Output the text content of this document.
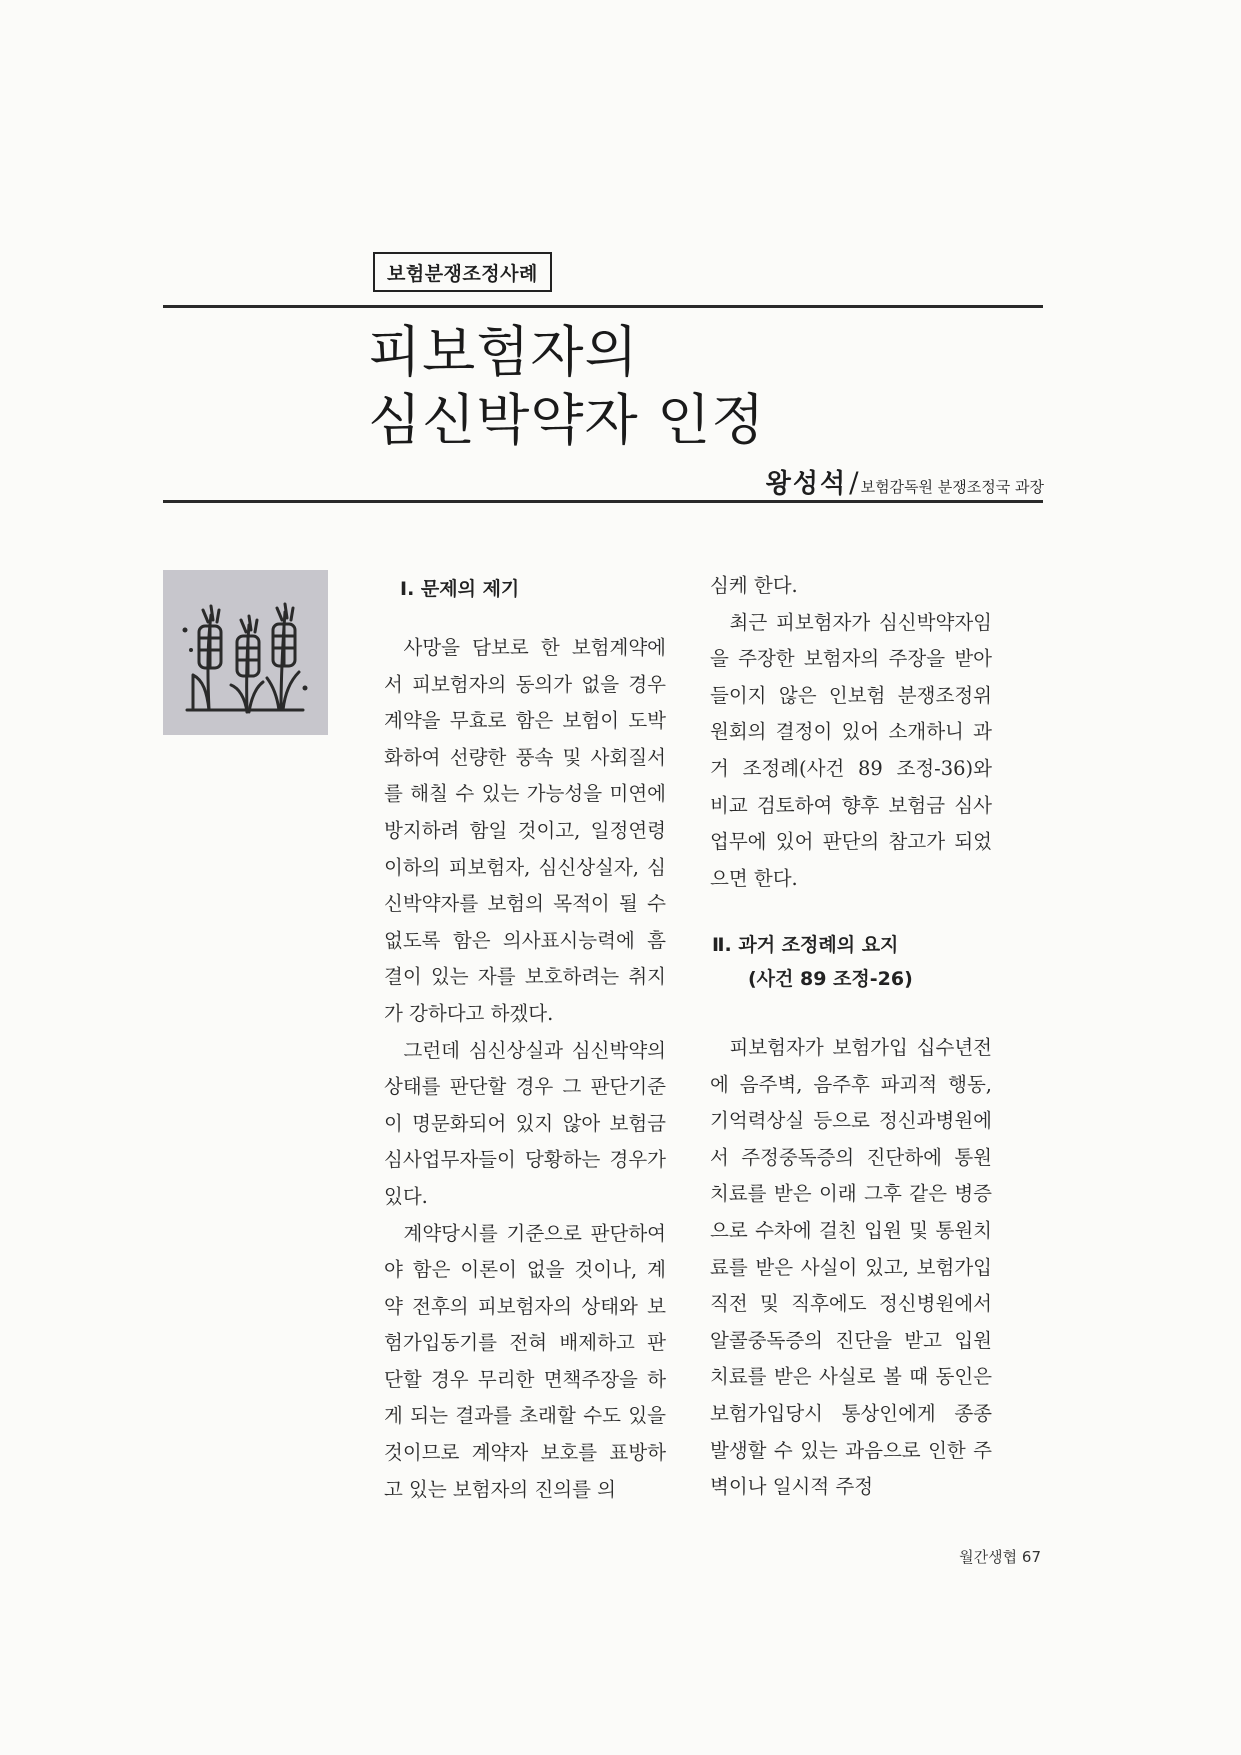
보험분쟁조정사례
피보험자의
심신박약자 인정
왕성석/ 보험감독원 분쟁조정국 과장
Ⅰ. 문제의 제기

사망을 담보로 한 보험계약에서 피보험자의 동의가 없을 경우 계약을 무효로 함은 보험이 도박화하여 선량한 풍속 및 사회질서를 해칠 수 있는 가능성을 미연에 방지하려 함일 것이고, 일정연령 이하의 피보험자, 심신상실자, 심신박약자를 보험의 목적이 될 수 없도록 함은 의사표시능력에 흠결이 있는 자를 보호하려는 취지가 강하다고 하겠다.

그런데 심신상실과 심신박약의 상태를 판단할 경우 그 판단기준이 명문화되어 있지 않아 보험금 심사업무자들이 당황하는 경우가 있다.

계약당시를 기준으로 판단하여야 함은 이론이 없을 것이나, 계약 전후의 피보험자의 상태와 보험가입동기를 전혀 배제하고 판단할 경우 무리한 면책주장을 하게 되는 결과를 초래할 수도 있을 것이므로 계약자 보호를 표방하고 있는 보험자의 진의를 의

심케 한다.

최근 피보험자가 심신박약자임을 주장한 보험자의 주장을 받아들이지 않은 인보험 분쟁조정위원회의 결정이 있어 소개하니 과거 조정례(사건 89 조정-36)와 비교 검토하여 향후 보험금 심사업무에 있어 판단의 참고가 되었으면 한다.

Ⅱ. 과거 조정례의 요지
(사건 89 조정-26)

피보험자가 보험가입 십수년전에 음주벽, 음주후 파괴적 행동, 기억력상실 등으로 정신과병원에서 주정중독증의 진단하에 통원치료를 받은 이래 그후 같은 병증으로 수차에 걸친 입원 및 통원치료를 받은 사실이 있고, 보험가입 직전 및 직후에도 정신병원에서 알콜중독증의 진단을 받고 입원치료를 받은 사실로 볼 때 동인은 보험가입당시 통상인에게 종종 발생할 수 있는 과음으로 인한 주벽이나 일시적 주정

월간생협 67
